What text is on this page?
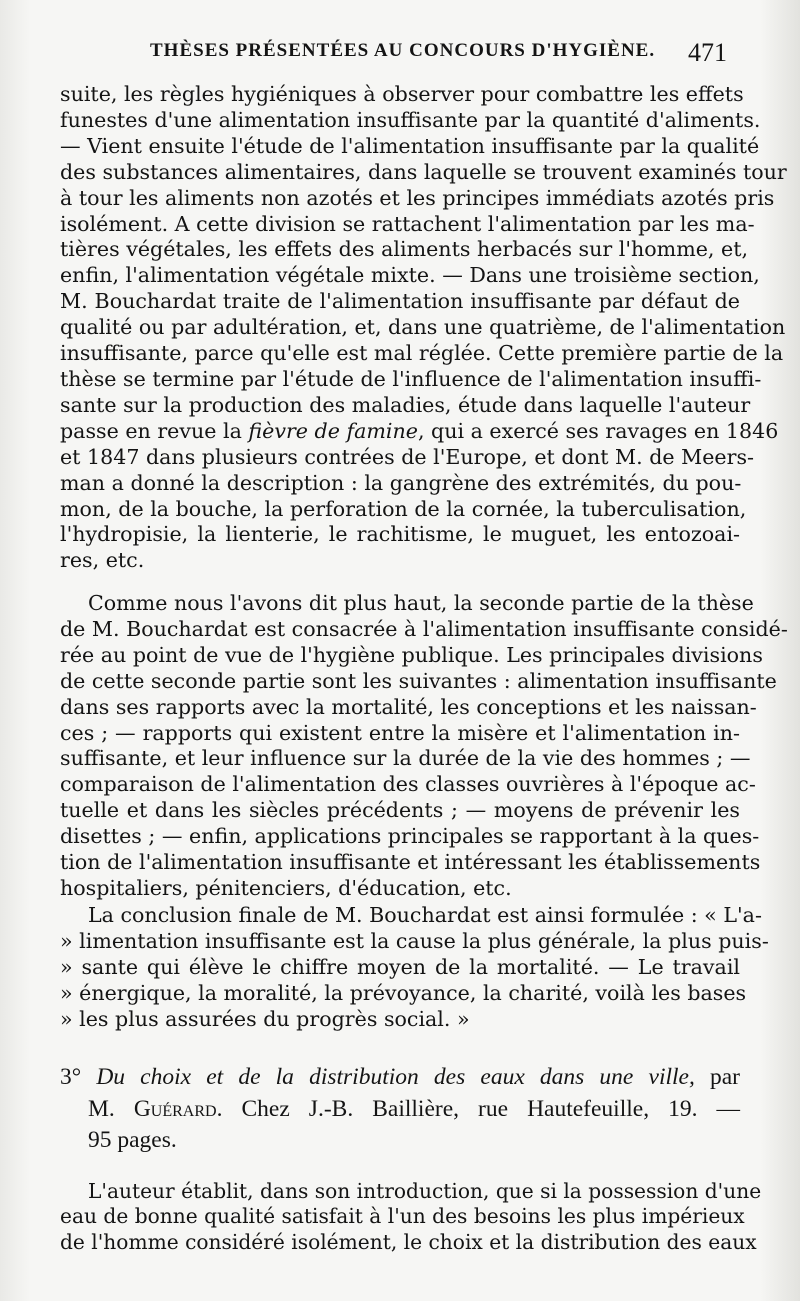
THÈSES PRÉSENTÉES AU CONCOURS D'HYGIÈNE. 471
suite, les règles hygiéniques à observer pour combattre les effets
funestes d'une alimentation insuffisante par la quantité d'aliments.
— Vient ensuite l'étude de l'alimentation insuffisante par la qualité
des substances alimentaires, dans laquelle se trouvent examinés tour
à tour les aliments non azotés et les principes immédiats azotés pris
isolément. A cette division se rattachent l'alimentation par les ma-
tières végétales, les effets des aliments herbacés sur l'homme, et,
enfin, l'alimentation végétale mixte. — Dans une troisième section,
M. Bouchardat traite de l'alimentation insuffisante par défaut de
qualité ou par adultération, et, dans une quatrième, de l'alimentation
insuffisante, parce qu'elle est mal réglée. Cette première partie de la
thèse se termine par l'étude de l'influence de l'alimentation insuffi-
sante sur la production des maladies, étude dans laquelle l'auteur
passe en revue la fièvre de famine, qui a exercé ses ravages en 1846
et 1847 dans plusieurs contrées de l'Europe, et dont M. de Meers-
man a donné la description : la gangrène des extrémités, du pou-
mon, de la bouche, la perforation de la cornée, la tuberculisation,
l'hydropisie, la lienterie, le rachitisme, le muguet, les entozoai-
res, etc.
Comme nous l'avons dit plus haut, la seconde partie de la thèse
de M. Bouchardat est consacrée à l'alimentation insuffisante considé-
rée au point de vue de l'hygiène publique. Les principales divisions
de cette seconde partie sont les suivantes : alimentation insuffisante
dans ses rapports avec la mortalité, les conceptions et les naissan-
ces ; — rapports qui existent entre la misère et l'alimentation in-
suffisante, et leur influence sur la durée de la vie des hommes ; —
comparaison de l'alimentation des classes ouvrières à l'époque ac-
tuelle et dans les siècles précédents ; — moyens de prévenir les
disettes ; — enfin, applications principales se rapportant à la ques-
tion de l'alimentation insuffisante et intéressant les établissements
hospitaliers, pénitenciers, d'éducation, etc.
La conclusion finale de M. Bouchardat est ainsi formulée : « L'a-
» limentation insuffisante est la cause la plus générale, la plus puis-
» sante qui élève le chiffre moyen de la mortalité. — Le travail
» énergique, la moralité, la prévoyance, la charité, voilà les bases
» les plus assurées du progrès social. »
3° Du choix et de la distribution des eaux dans une ville, par
M. Guérard. Chez J.-B. Baillière, rue Hautefeuille, 19. —
95 pages.
L'auteur établit, dans son introduction, que si la possession d'une
eau de bonne qualité satisfait à l'un des besoins les plus impérieux
de l'homme considéré isolément, le choix et la distribution des eaux
